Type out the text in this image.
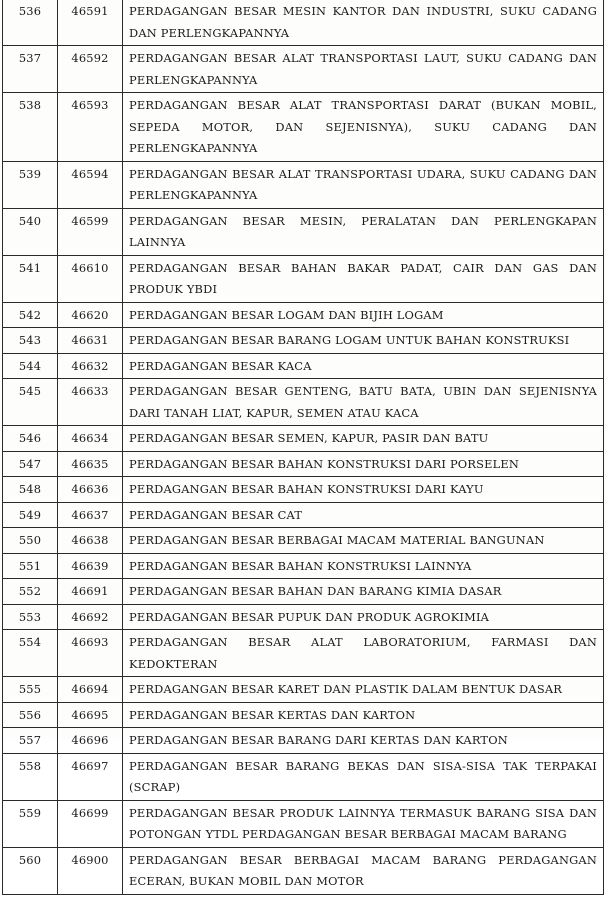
536	46591	PERDAGANGAN BESAR MESIN KANTOR DAN INDUSTRI, SUKU CADANG DAN PERLENGKAPANNYA
537	46592	PERDAGANGAN BESAR ALAT TRANSPORTASI LAUT, SUKU CADANG DAN PERLENGKAPANNYA
538	46593	PERDAGANGAN BESAR ALAT TRANSPORTASI DARAT (BUKAN MOBIL, SEPEDA MOTOR, DAN SEJENISNYA), SUKU CADANG DAN PERLENGKAPANNYA
539	46594	PERDAGANGAN BESAR ALAT TRANSPORTASI UDARA, SUKU CADANG DAN PERLENGKAPANNYA
540	46599	PERDAGANGAN BESAR MESIN, PERALATAN DAN PERLENGKAPAN LAINNYA
541	46610	PERDAGANGAN BESAR BAHAN BAKAR PADAT, CAIR DAN GAS DAN PRODUK YBDI
542	46620	PERDAGANGAN BESAR LOGAM DAN BIJIH LOGAM
543	46631	PERDAGANGAN BESAR BARANG LOGAM UNTUK BAHAN KONSTRUKSI
544	46632	PERDAGANGAN BESAR KACA
545	46633	PERDAGANGAN BESAR GENTENG, BATU BATA, UBIN DAN SEJENISNYA DARI TANAH LIAT, KAPUR, SEMEN ATAU KACA
546	46634	PERDAGANGAN BESAR SEMEN, KAPUR, PASIR DAN BATU
547	46635	PERDAGANGAN BESAR BAHAN KONSTRUKSI DARI PORSELEN
548	46636	PERDAGANGAN BESAR BAHAN KONSTRUKSI DARI KAYU
549	46637	PERDAGANGAN BESAR CAT
550	46638	PERDAGANGAN BESAR BERBAGAI MACAM MATERIAL BANGUNAN
551	46639	PERDAGANGAN BESAR BAHAN KONSTRUKSI LAINNYA
552	46691	PERDAGANGAN BESAR BAHAN DAN BARANG KIMIA DASAR
553	46692	PERDAGANGAN BESAR PUPUK DAN PRODUK AGROKIMIA
554	46693	PERDAGANGAN BESAR ALAT LABORATORIUM, FARMASI DAN KEDOKTERAN
555	46694	PERDAGANGAN BESAR KARET DAN PLASTIK DALAM BENTUK DASAR
556	46695	PERDAGANGAN BESAR KERTAS DAN KARTON
557	46696	PERDAGANGAN BESAR BARANG DARI KERTAS DAN KARTON
558	46697	PERDAGANGAN BESAR BARANG BEKAS DAN SISA-SISA TAK TERPAKAI (SCRAP)
559	46699	PERDAGANGAN BESAR PRODUK LAINNYA TERMASUK BARANG SISA DAN POTONGAN YTDL PERDAGANGAN BESAR BERBAGAI MACAM BARANG
560	46900	PERDAGANGAN BESAR BERBAGAI MACAM BARANG PERDAGANGAN ECERAN, BUKAN MOBIL DAN MOTOR
